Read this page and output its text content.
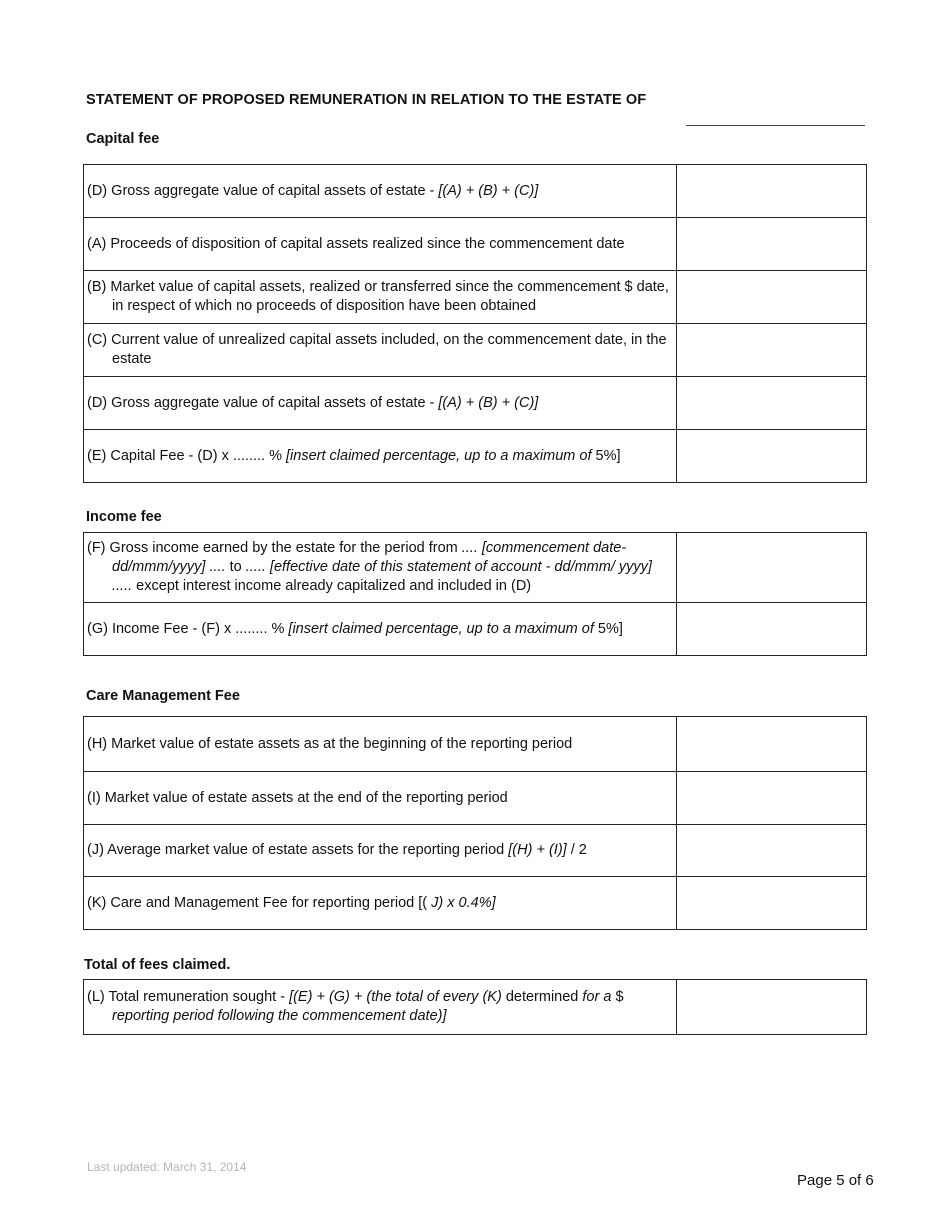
STATEMENT OF PROPOSED REMUNERATION IN RELATION TO THE ESTATE OF
Capital fee
(D) Gross aggregate value of capital assets of estate - [(A) + (B) + (C)]	

(A) Proceeds of disposition of capital assets realized since the commencement date	

(B) Market value of capital assets, realized or transferred since the commencement $ date, in respect of which no proceeds of disposition have been obtained	

(C) Current value of unrealized capital assets included, on the commencement date, in the estate	

(D) Gross aggregate value of capital assets of estate - [(A) + (B) + (C)]	

(E) Capital Fee - (D) x ........ % [insert claimed percentage, up to a maximum of 5%]	

Income fee
(F) Gross income earned by the estate for the period from .... [commencement date-dd/mmm/yyyy] .... to ..... [effective date of this statement of account - dd/mmm/ yyyy] ..... except interest income already capitalized and included in (D)	

(G) Income Fee - (F) x ........ % [insert claimed percentage, up to a maximum of 5%]	

Care Management Fee
(H) Market value of estate assets as at the beginning of the reporting period	

(I) Market value of estate assets at the end of the reporting period	

(J) Average market value of estate assets for the reporting period [(H) + (I)] / 2	

(K) Care and Management Fee for reporting period [( J) x 0.4%]	

Total of fees claimed.
(L) Total remuneration sought - [(E) + (G) + (the total of every (K) determined for a $ reporting period following the commencement date)]

Last updated: March 31, 2014
Page 5 of 6
